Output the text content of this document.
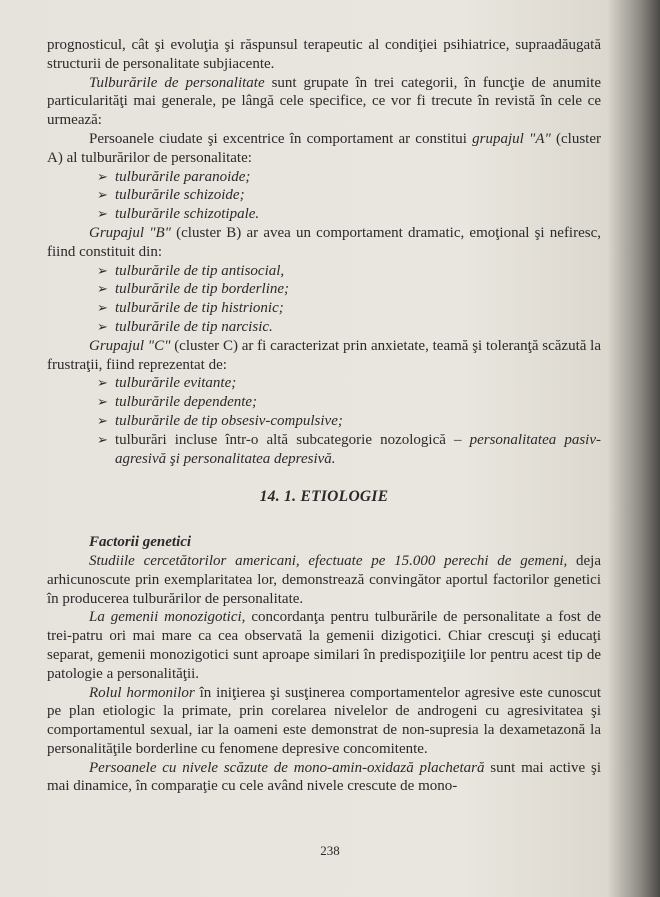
prognosticul, cât şi evoluţia şi răspunsul terapeutic al condiţiei psihiatrice, supraadăugată structurii de personalitate subjiacente.

Tulburările de personalitate sunt grupate în trei categorii, în funcţie de anumite particularităţi mai generale, pe lângă cele specifice, ce vor fi trecute în revistă în cele ce urmează:

Persoanele ciudate şi excentrice în comportament ar constitui grupajul "A" (cluster A) al tulburărilor de personalitate:

➢ tulburările paranoide;
➢ tulburările schizoide;
➢ tulburările schizotipale.

Grupajul "B" (cluster B) ar avea un comportament dramatic, emoţional şi nefiresc, fiind constituit din:

➢ tulburările de tip antisocial,
➢ tulburările de tip borderline;
➢ tulburările de tip histrionic;
➢ tulburările de tip narcisic.

Grupajul "C" (cluster C) ar fi caracterizat prin anxietate, teamă şi toleranţă scăzută la frustraţii, fiind reprezentat de:

➢ tulburările evitante;
➢ tulburările dependente;
➢ tulburările de tip obsesiv-compulsive;
➢ tulburări incluse într-o altă subcategorie nozologică – personalitatea pasiv-agresivă şi personalitatea depresivă.

14. 1. ETIOLOGIE

Factorii genetici

Studiile cercetătorilor americani, efectuate pe 15.000 perechi de gemeni, deja arhicunoscute prin exemplaritatea lor, demonstrează convingător aportul factorilor genetici în producerea tulburărilor de personalitate.

La gemenii monozigotici, concordanţa pentru tulburările de personalitate a fost de trei-patru ori mai mare ca cea observată la gemenii dizigotici. Chiar crescuţi şi educaţi separat, gemenii monozigotici sunt aproape similari în predispoziţiile lor pentru acest tip de patologie a personalităţii.

Rolul hormonilor în iniţierea şi susţinerea comportamentelor agresive este cunoscut pe plan etiologic la primate, prin corelarea nivelelor de androgeni cu agresivitatea şi comportamentul sexual, iar la oameni este demonstrat de non-supresia la dexametazonă la personalităţile borderline cu fenomene depresive concomitente.

Persoanele cu nivele scăzute de mono-amin-oxidază plachetară sunt mai active şi mai dinamice, în comparaţie cu cele având nivele crescute de mono-

238
